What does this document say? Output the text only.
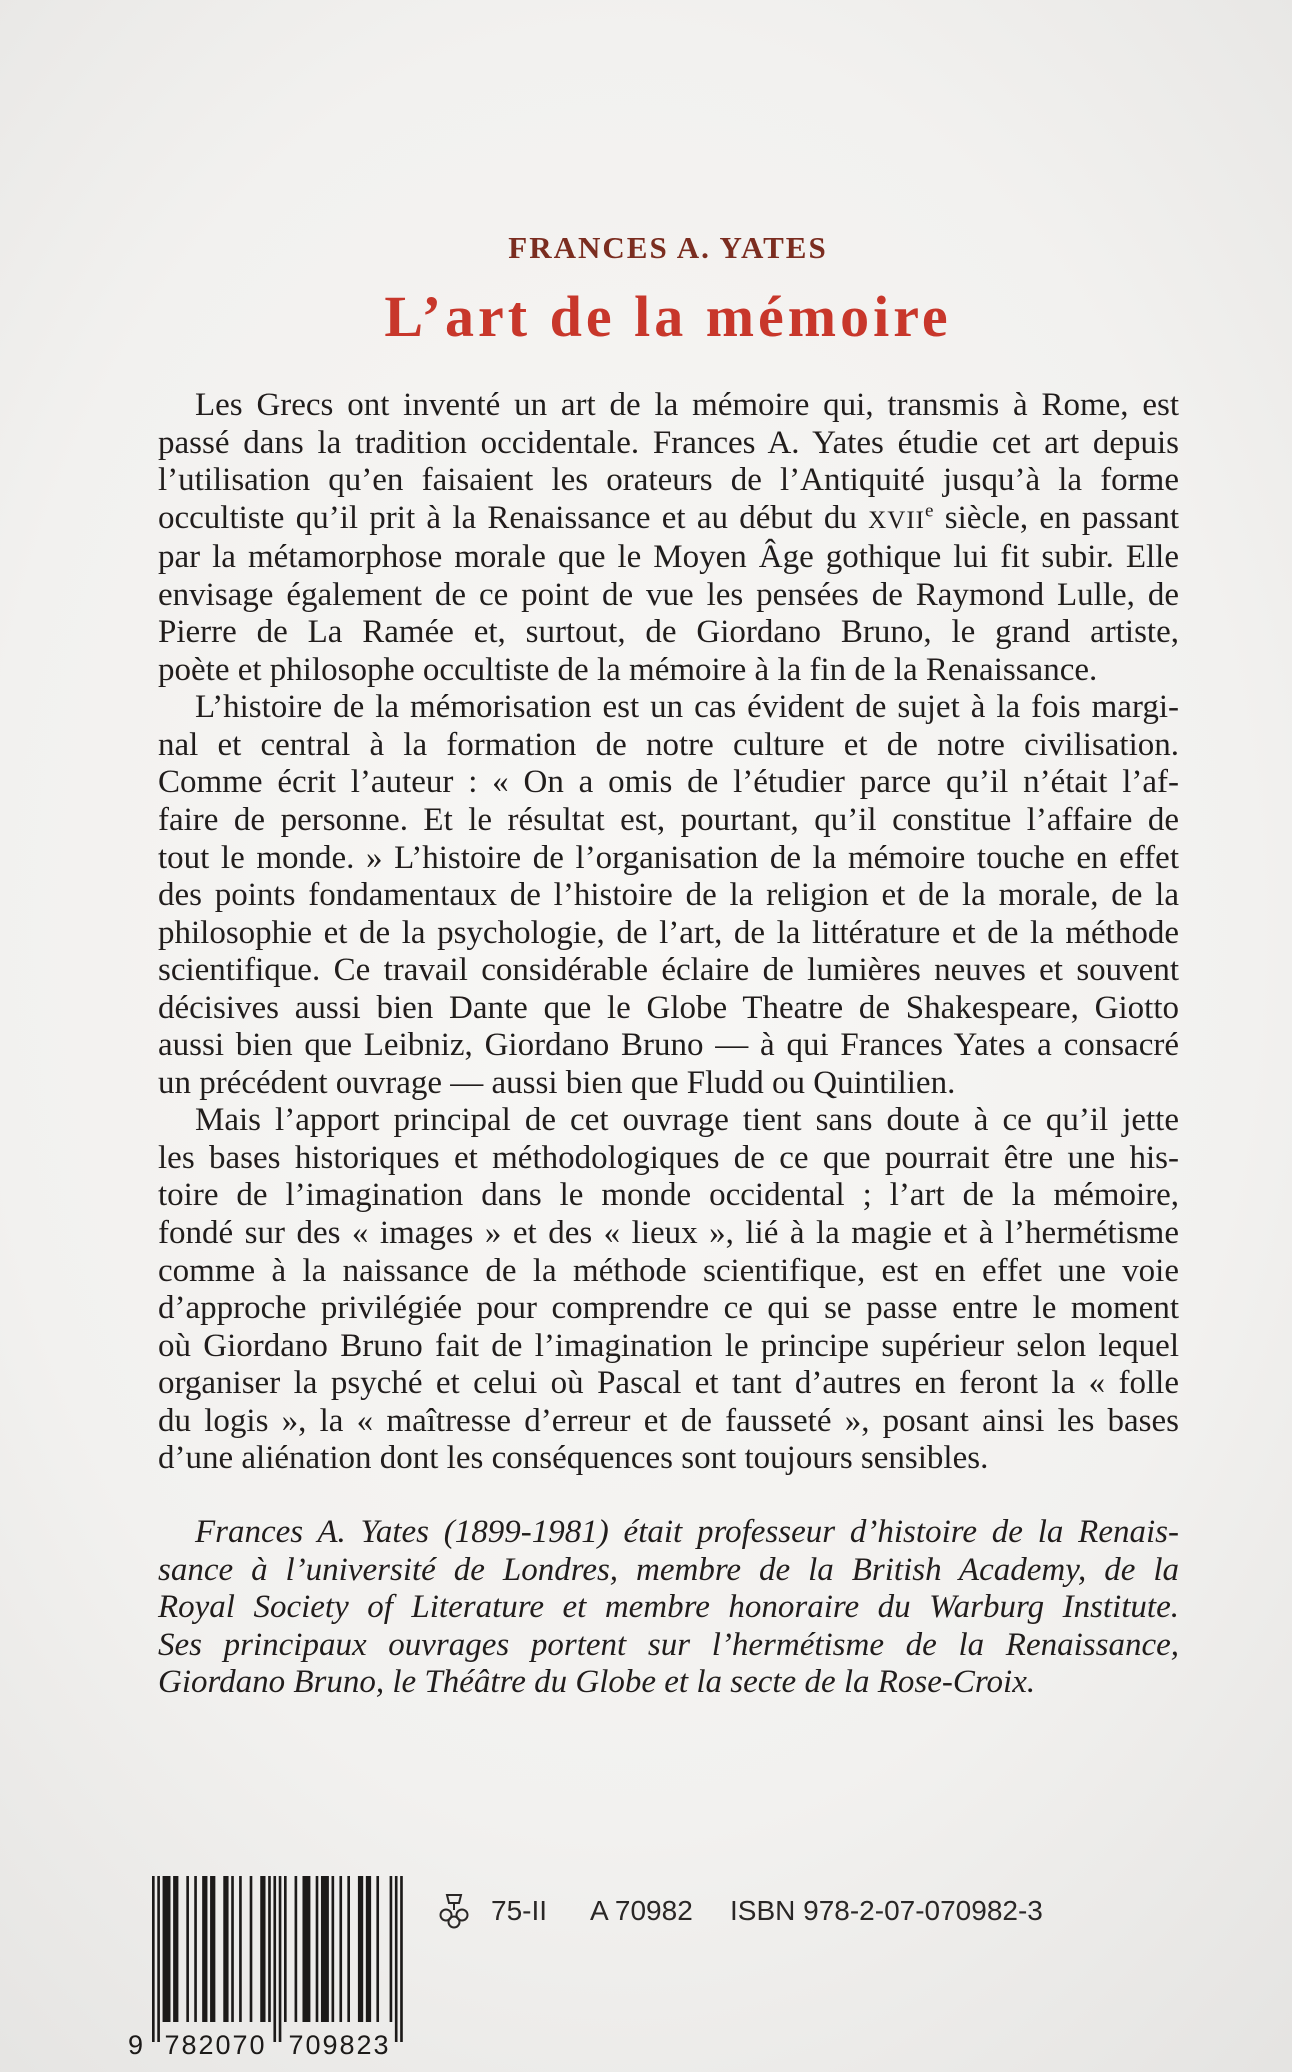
FRANCES A. YATES
L’art de la mémoire
Les Grecs ont inventé un art de la mémoire qui, transmis à Rome, est
passé dans la tradition occidentale. Frances A. Yates étudie cet art depuis
l’utilisation qu’en faisaient les orateurs de l’Antiquité jusqu’à la forme
occultiste qu’il prit à la Renaissance et au début du XVIIe siècle, en passant
par la métamorphose morale que le Moyen Âge gothique lui fit subir. Elle
envisage également de ce point de vue les pensées de Raymond Lulle, de
Pierre de La Ramée et, surtout, de Giordano Bruno, le grand artiste,
poète et philosophe occultiste de la mémoire à la fin de la Renaissance.
L’histoire de la mémorisation est un cas évident de sujet à la fois margi-
nal et central à la formation de notre culture et de notre civilisation.
Comme écrit l’auteur : « On a omis de l’étudier parce qu’il n’était l’af-
faire de personne. Et le résultat est, pourtant, qu’il constitue l’affaire de
tout le monde. » L’histoire de l’organisation de la mémoire touche en effet
des points fondamentaux de l’histoire de la religion et de la morale, de la
philosophie et de la psychologie, de l’art, de la littérature et de la méthode
scientifique. Ce travail considérable éclaire de lumières neuves et souvent
décisives aussi bien Dante que le Globe Theatre de Shakespeare, Giotto
aussi bien que Leibniz, Giordano Bruno — à qui Frances Yates a consacré
un précédent ouvrage — aussi bien que Fludd ou Quintilien.
Mais l’apport principal de cet ouvrage tient sans doute à ce qu’il jette
les bases historiques et méthodologiques de ce que pourrait être une his-
toire de l’imagination dans le monde occidental ; l’art de la mémoire,
fondé sur des « images » et des « lieux », lié à la magie et à l’hermétisme
comme à la naissance de la méthode scientifique, est en effet une voie
d’approche privilégiée pour comprendre ce qui se passe entre le moment
où Giordano Bruno fait de l’imagination le principe supérieur selon lequel
organiser la psyché et celui où Pascal et tant d’autres en feront la « folle
du logis », la « maîtresse d’erreur et de fausseté », posant ainsi les bases
d’une aliénation dont les conséquences sont toujours sensibles.
Frances A. Yates (1899-1981) était professeur d’histoire de la Renais-
sance à l’université de Londres, membre de la British Academy, de la
Royal Society of Literature et membre honoraire du Warburg Institute.
Ses principaux ouvrages portent sur l’hermétisme de la Renaissance,
Giordano Bruno, le Théâtre du Globe et la secte de la Rose-Croix.
9 782070 709823
75-II A 70982 ISBN 978-2-07-070982-3
